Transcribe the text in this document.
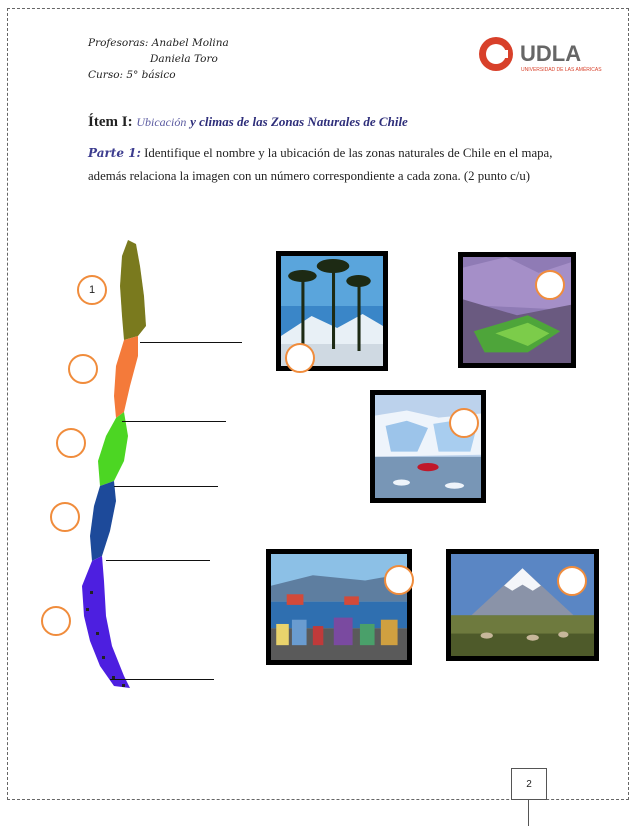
Profesoras: Anabel Molina
Daniela Toro
Curso: 5° básico
UDLA
UNIVERSIDAD DE LAS AMÉRICAS
Ítem I: Ubicación y climas de las Zonas Naturales de Chile
Parte 1: Identifique el nombre y la ubicación de las zonas naturales de Chile en el mapa, además relaciona la imagen con un número correspondiente a cada zona. (2 punto c/u)
1
2
